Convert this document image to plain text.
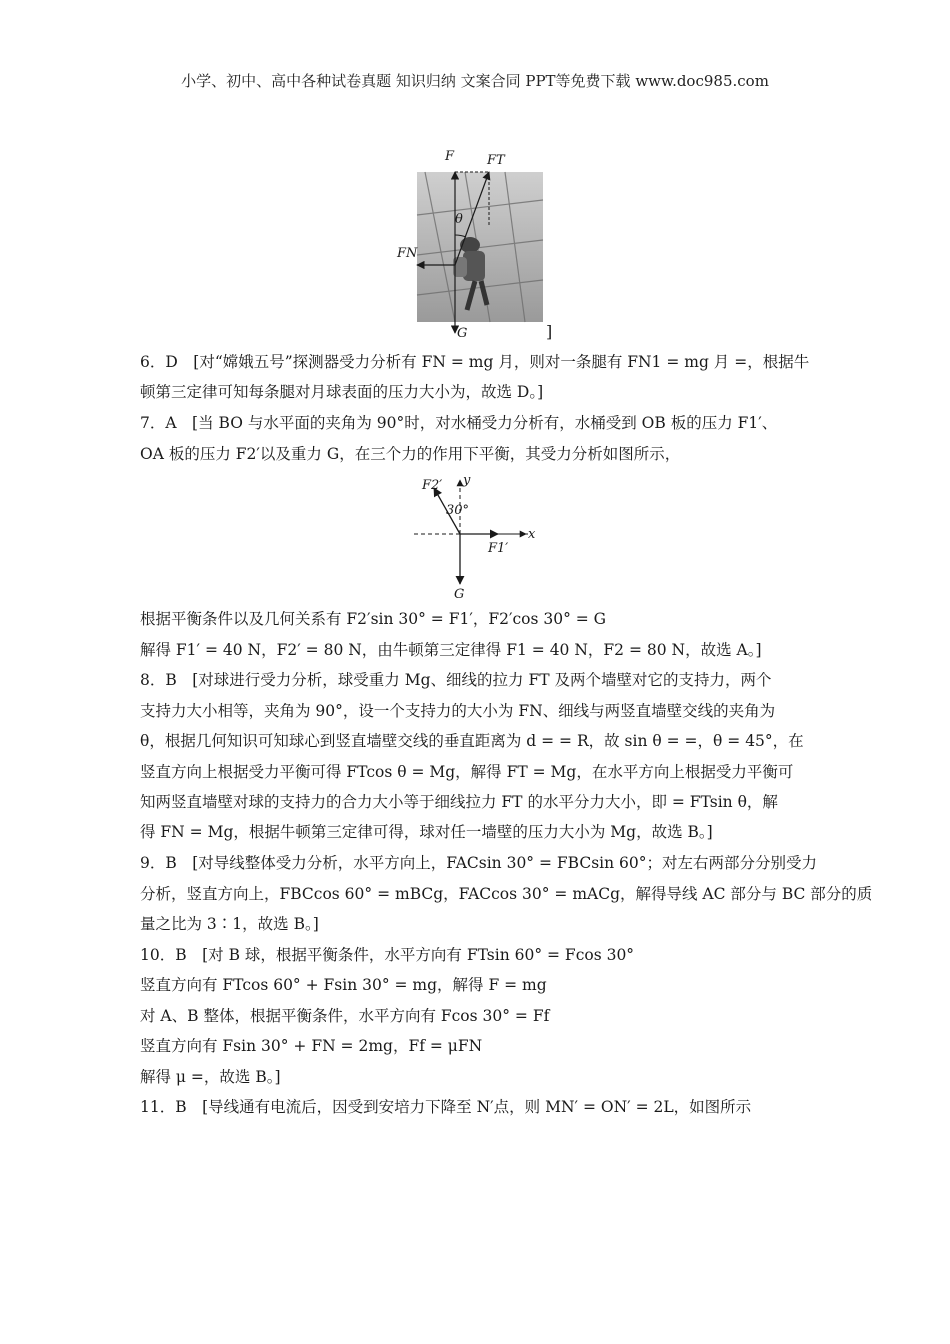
小学、初中、高中各种试卷真题 知识归纳 文案合同 PPT等免费下载 www.doc985.com
F	FT
θ
FN
G	]
F2′ y
30°
x
F1′
G
6．D　[对“嫦娥五号”探测器受力分析有 FN = mg 月，则对一条腿有 FN1 = mg 月 =，根据牛
顿第三定律可知每条腿对月球表面的压力大小为，故选 D。]
7．A　[当 BO 与水平面的夹角为 90°时，对水桶受力分析有，水桶受到 OB 板的压力 F1′、
OA 板的压力 F2′以及重力 G，在三个力的作用下平衡，其受力分析如图所示，
根据平衡条件以及几何关系有 F2′sin 30° = F1′，F2′cos 30° = G
解得 F1′ = 40 N，F2′ = 80 N，由牛顿第三定律得 F1 = 40 N，F2 = 80 N，故选 A。]
8．B　[对球进行受力分析，球受重力 Mg、细线的拉力 FT 及两个墙壁对它的支持力，两个
支持力大小相等，夹角为 90°，设一个支持力的大小为 FN、细线与两竖直墙壁交线的夹角为
θ，根据几何知识可知球心到竖直墙壁交线的垂直距离为 d = = R，故 sin θ = =，θ = 45°，在
竖直方向上根据受力平衡可得 FTcos θ = Mg，解得 FT = Mg，在水平方向上根据受力平衡可
知两竖直墙壁对球的支持力的合力大小等于细线拉力 FT 的水平分力大小，即 = FTsin θ，解
得 FN = Mg，根据牛顿第三定律可得，球对任一墙壁的压力大小为 Mg，故选 B。]
9．B　[对导线整体受力分析，水平方向上，FACsin 30° = FBCsin 60°；对左右两部分分别受力
分析，竖直方向上，FBCcos 60° = mBCg，FACcos 30° = mACg，解得导线 AC 部分与 BC 部分的质
量之比为 3∶1，故选 B。]
10．B　[对 B 球，根据平衡条件，水平方向有 FTsin 60° = Fcos 30°
竖直方向有 FTcos 60° + Fsin 30° = mg，解得 F = mg
对 A、B 整体，根据平衡条件，水平方向有 Fcos 30° = Ff
竖直方向有 Fsin 30° + FN = 2mg，Ff = μFN
解得 μ =，故选 B。]
11．B　[导线通有电流后，因受到安培力下降至 N′点，则 MN′ = ON′ = 2L，如图所示
